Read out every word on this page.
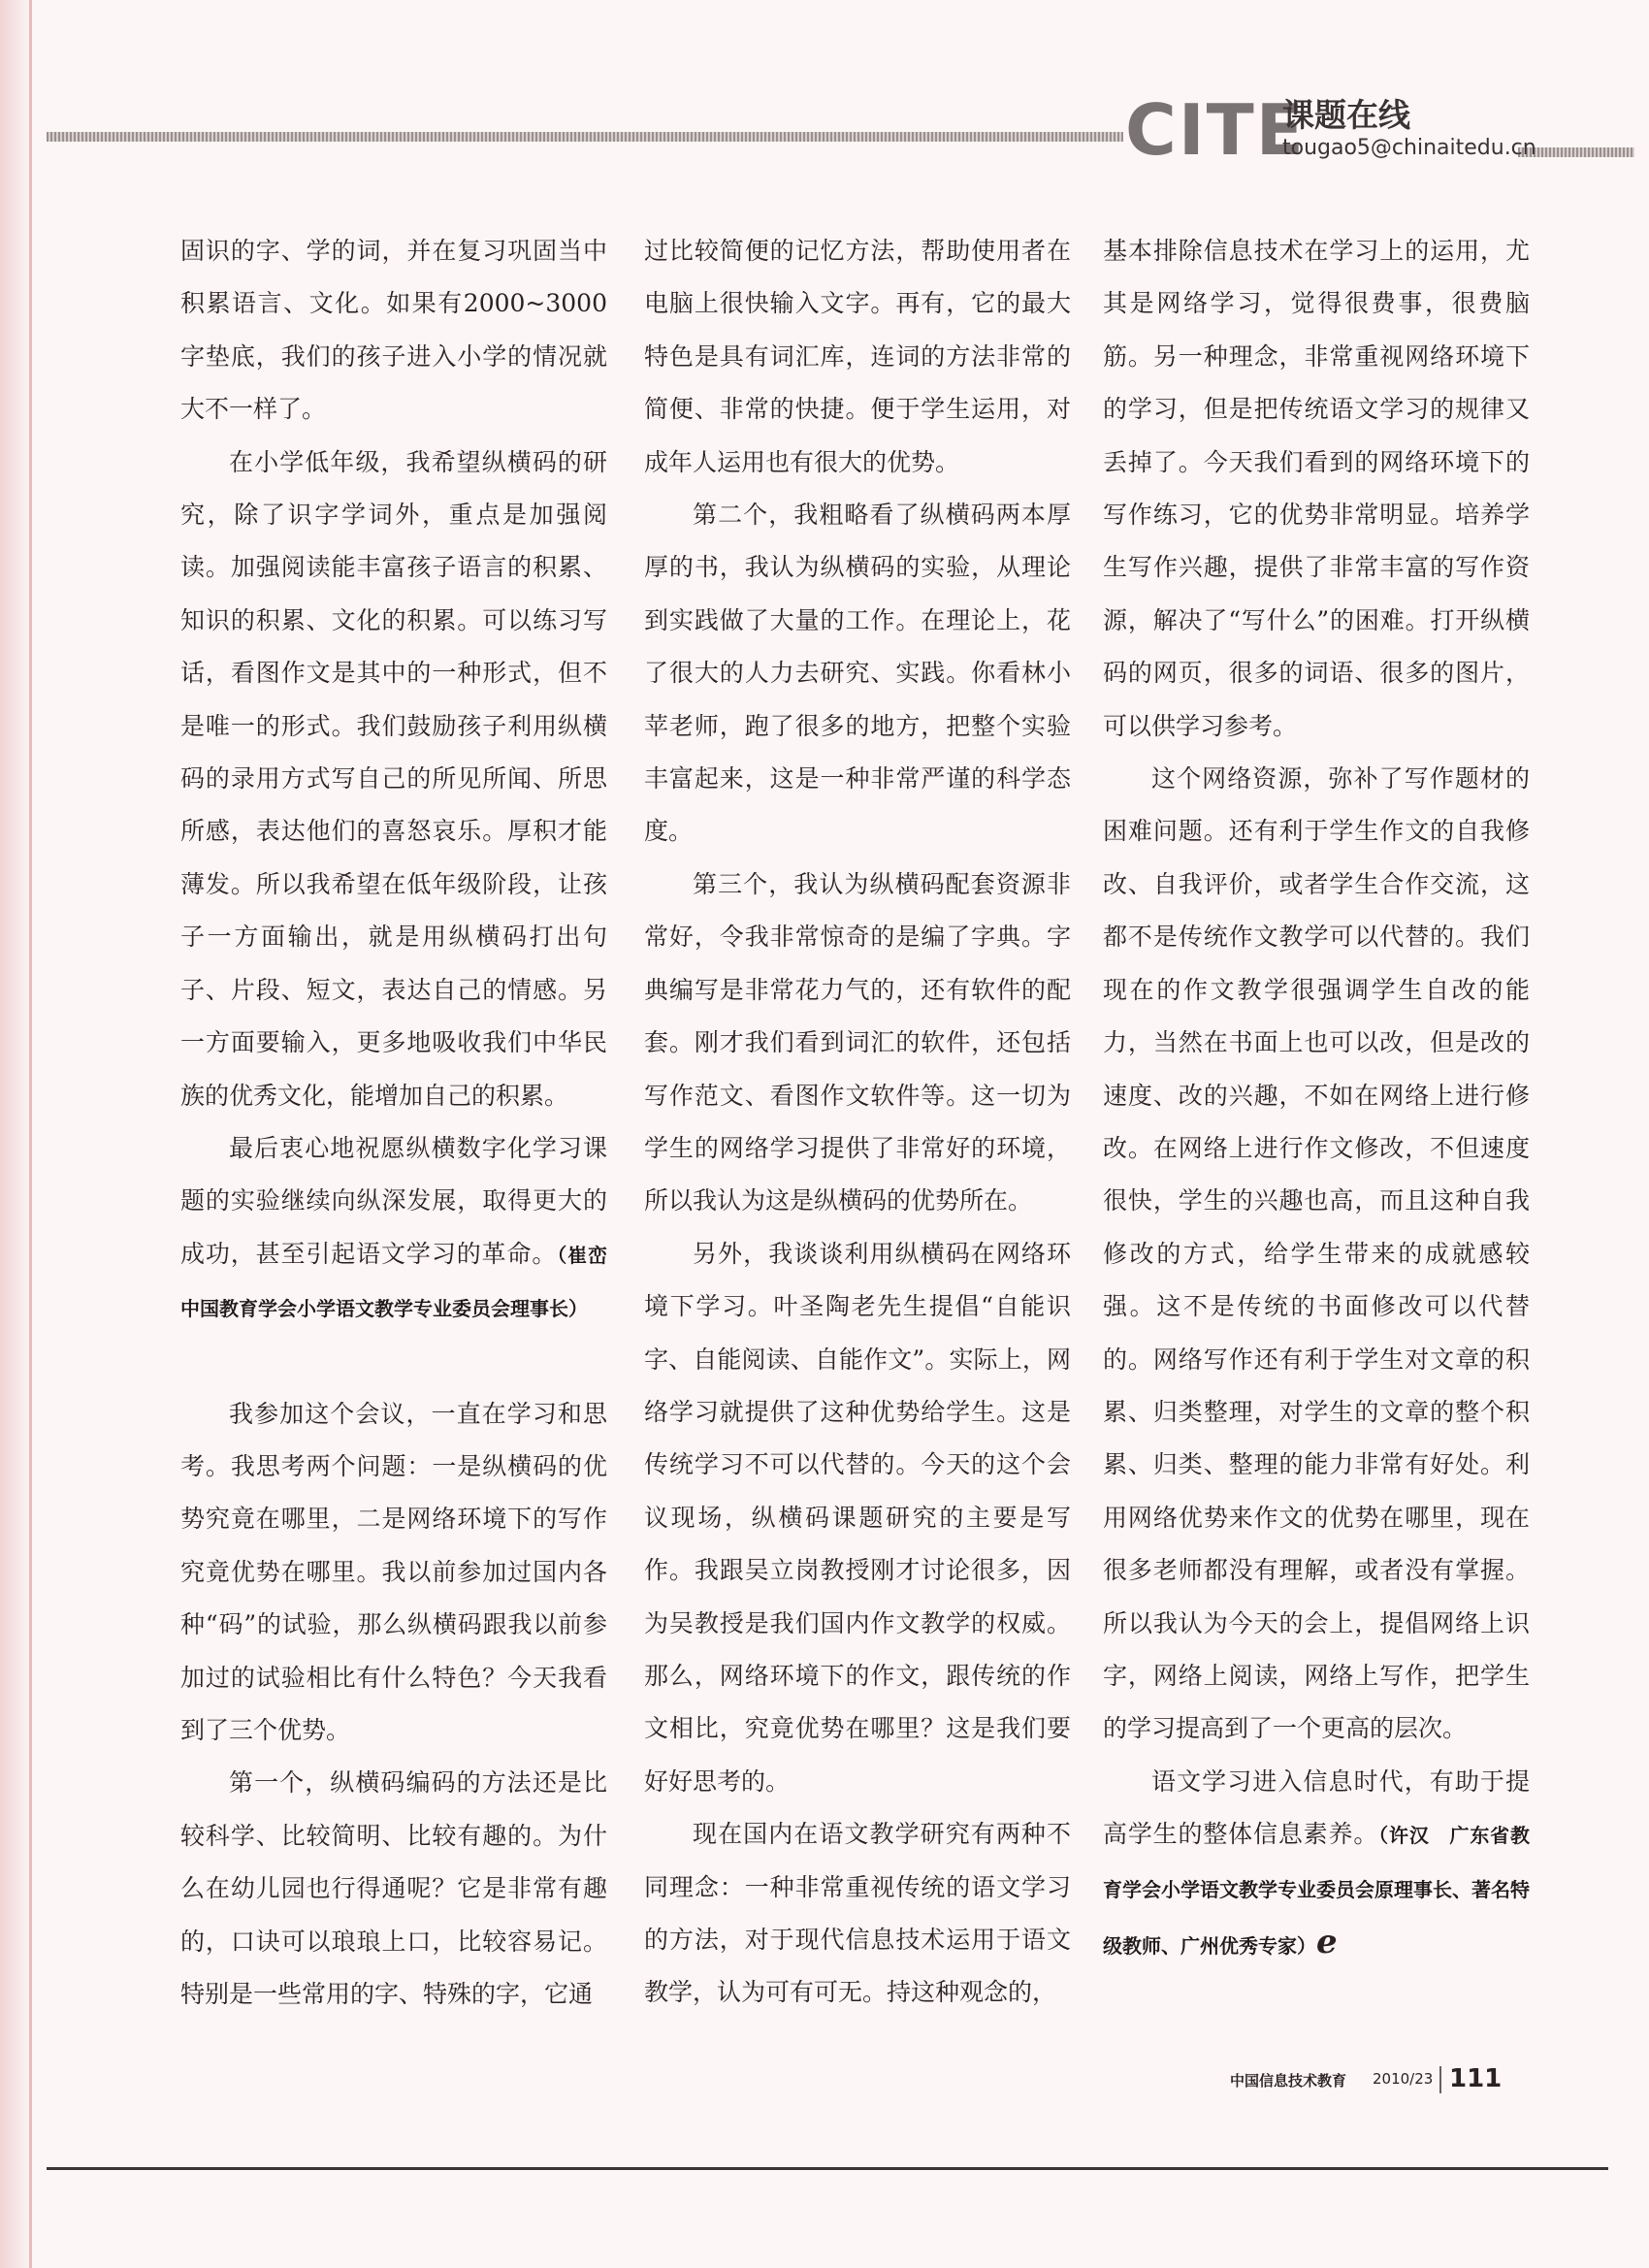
CITE
课题在线
tougao5@chinaitedu.cn

固识的字、学的词，并在复习巩固当中积累语言、文化。如果有2000~3000字垫底，我们的孩子进入小学的情况就大不一样了。

在小学低年级，我希望纵横码的研究，除了识字学词外，重点是加强阅读。加强阅读能丰富孩子语言的积累、知识的积累、文化的积累。可以练习写话，看图作文是其中的一种形式，但不是唯一的形式。我们鼓励孩子利用纵横码的录用方式写自己的所见所闻、所思所感，表达他们的喜怒哀乐。厚积才能薄发。所以我希望在低年级阶段，让孩子一方面输出，就是用纵横码打出句子、片段、短文，表达自己的情感。另一方面要输入，更多地吸收我们中华民族的优秀文化，能增加自己的积累。

最后衷心地祝愿纵横数字化学习课题的实验继续向纵深发展，取得更大的成功，甚至引起语文学习的革命。（崔峦　中国教育学会小学语文教学专业委员会理事长）

我参加这个会议，一直在学习和思考。我思考两个问题：一是纵横码的优势究竟在哪里，二是网络环境下的写作究竟优势在哪里。我以前参加过国内各种“码”的试验，那么纵横码跟我以前参加过的试验相比有什么特色？今天我看到了三个优势。

第一个，纵横码编码的方法还是比较科学、比较简明、比较有趣的。为什么在幼儿园也行得通呢？它是非常有趣的，口诀可以琅琅上口，比较容易记。特别是一些常用的字、特殊的字，它通

过比较简便的记忆方法，帮助使用者在电脑上很快输入文字。再有，它的最大特色是具有词汇库，连词的方法非常的简便、非常的快捷。便于学生运用，对成年人运用也有很大的优势。

第二个，我粗略看了纵横码两本厚厚的书，我认为纵横码的实验，从理论到实践做了大量的工作。在理论上，花了很大的人力去研究、实践。你看林小苹老师，跑了很多的地方，把整个实验丰富起来，这是一种非常严谨的科学态度。

第三个，我认为纵横码配套资源非常好，令我非常惊奇的是编了字典。字典编写是非常花力气的，还有软件的配套。刚才我们看到词汇的软件，还包括写作范文、看图作文软件等。这一切为学生的网络学习提供了非常好的环境，所以我认为这是纵横码的优势所在。

另外，我谈谈利用纵横码在网络环境下学习。叶圣陶老先生提倡“自能识字、自能阅读、自能作文”。实际上，网络学习就提供了这种优势给学生。这是传统学习不可以代替的。今天的这个会议现场，纵横码课题研究的主要是写作。我跟吴立岗教授刚才讨论很多，因为吴教授是我们国内作文教学的权威。那么，网络环境下的作文，跟传统的作文相比，究竟优势在哪里？这是我们要好好思考的。

现在国内在语文教学研究有两种不同理念：一种非常重视传统的语文学习的方法，对于现代信息技术运用于语文教学，认为可有可无。持这种观念的，

基本排除信息技术在学习上的运用，尤其是网络学习，觉得很费事，很费脑筋。另一种理念，非常重视网络环境下的学习，但是把传统语文学习的规律又丢掉了。今天我们看到的网络环境下的写作练习，它的优势非常明显。培养学生写作兴趣，提供了非常丰富的写作资源，解决了“写什么”的困难。打开纵横码的网页，很多的词语、很多的图片，可以供学习参考。

这个网络资源，弥补了写作题材的困难问题。还有利于学生作文的自我修改、自我评价，或者学生合作交流，这都不是传统作文教学可以代替的。我们现在的作文教学很强调学生自改的能力，当然在书面上也可以改，但是改的速度、改的兴趣，不如在网络上进行修改。在网络上进行作文修改，不但速度很快，学生的兴趣也高，而且这种自我修改的方式，给学生带来的成就感较强。这不是传统的书面修改可以代替的。网络写作还有利于学生对文章的积累、归类整理，对学生的文章的整个积累、归类、整理的能力非常有好处。利用网络优势来作文的优势在哪里，现在很多老师都没有理解，或者没有掌握。所以我认为今天的会上，提倡网络上识字，网络上阅读，网络上写作，把学生的学习提高到了一个更高的层次。

语文学习进入信息时代，有助于提高学生的整体信息素养。（许汉　广东省教育学会小学语文教学专业委员会原理事长、著名特级教师、广州优秀专家）e

中国信息技术教育 2010/23 111
